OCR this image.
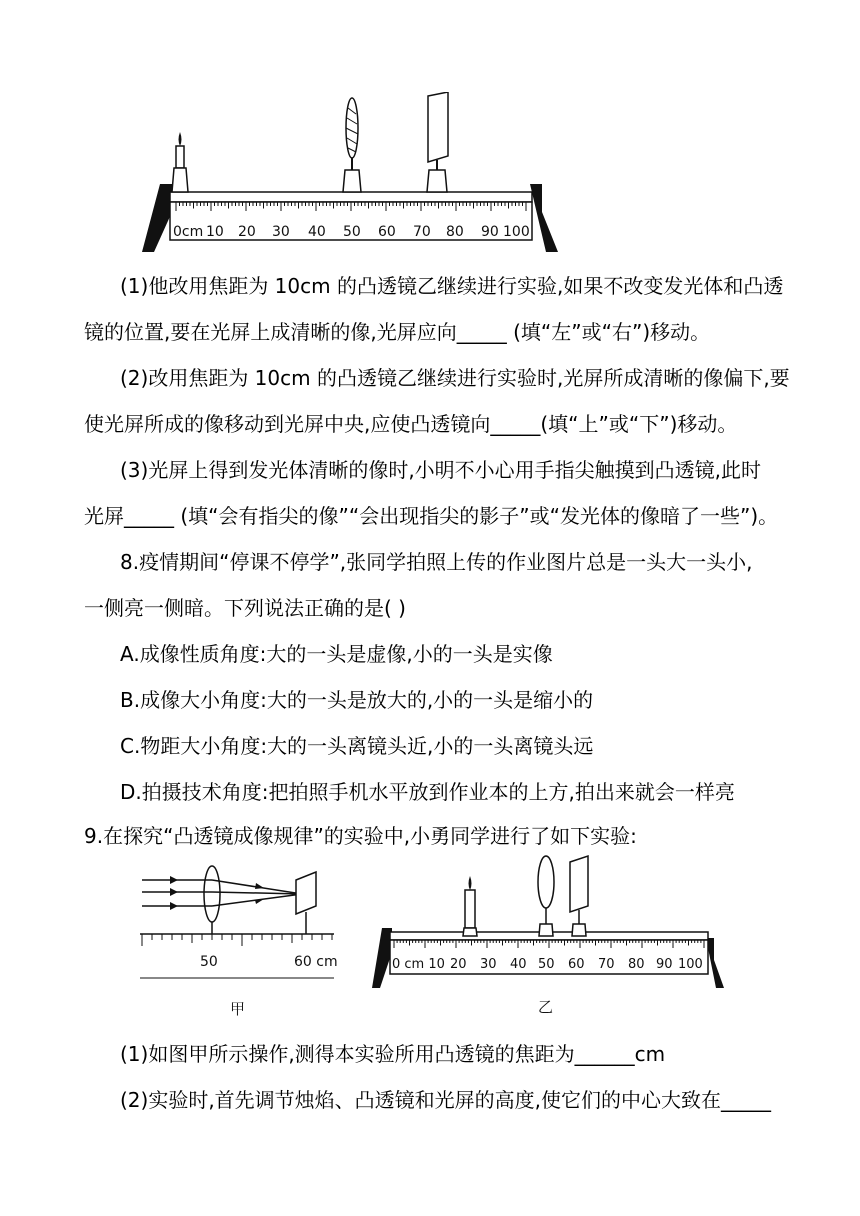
0cm 10 20 30 40 50 60 70 80 90 100
(1)他改用焦距为 10cm 的凸透镜乙继续进行实验,如果不改变发光体和凸透
镜的位置,要在光屏上成清晰的像,光屏应向_____ (填“左”或“右”)移动。
(2)改用焦距为 10cm 的凸透镜乙继续进行实验时,光屏所成清晰的像偏下,要
使光屏所成的像移动到光屏中央,应使凸透镜向_____(填“上”或“下”)移动。
(3)光屏上得到发光体清晰的像时,小明不小心用手指尖触摸到凸透镜,此时
光屏_____ (填“会有指尖的像”“会出现指尖的影子”或“发光体的像暗了一些”)。
8.疫情期间“停课不停学”,张同学拍照上传的作业图片总是一头大一头小,
一侧亮一侧暗。下列说法正确的是( )
A.成像性质角度:大的一头是虚像,小的一头是实像
B.成像大小角度:大的一头是放大的,小的一头是缩小的
C.物距大小角度:大的一头离镜头近,小的一头离镜头远
D.拍摄技术角度:把拍照手机水平放到作业本的上方,拍出来就会一样亮
9.在探究“凸透镜成像规律”的实验中,小勇同学进行了如下实验:
50	60 cm
甲
0 cm 10 20 30 40 50 60 70 80 90 100
乙
(1)如图甲所示操作,测得本实验所用凸透镜的焦距为______cm
(2)实验时,首先调节烛焰、凸透镜和光屏的高度,使它们的中心大致在_____
